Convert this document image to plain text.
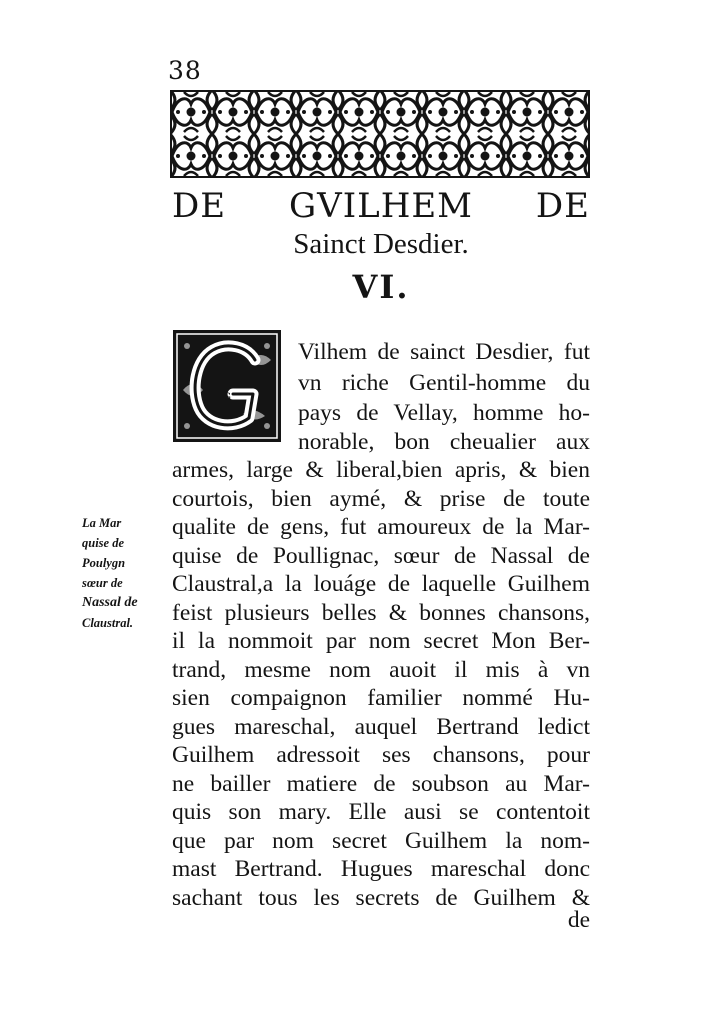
38
DE GVILHEM DE
Sainct Desdier.
VI.
G
Vilhem de sainct Desdier, fut
vn riche Gentil-homme du
pays de Vellay, homme ho-
norable, bon cheualier aux
armes, large & liberal,bien apris, & bien
courtois, bien aymé, & prise de toute
qualite de gens, fut amoureux de la Mar-
quise de Poullignac, sœur de Nassal de
Claustral,a la louáge de laquelle Guilhem
feist plusieurs belles & bonnes chansons,
il la nommoit par nom secret Mon Ber-
trand, mesme nom auoit il mis à vn
sien compaignon familier nommé Hu-
gues mareschal, auquel Bertrand ledict
Guilhem adressoit ses chansons, pour
ne bailler matiere de soubson au Mar-
quis son mary. Elle ausi se contentoit
que par nom secret Guilhem la nom-
mast Bertrand. Hugues mareschal donc
sachant tous les secrets de Guilhem &
de
La Mar
quise de
Poulygn
sœur de
Nassal de
Claustral.
